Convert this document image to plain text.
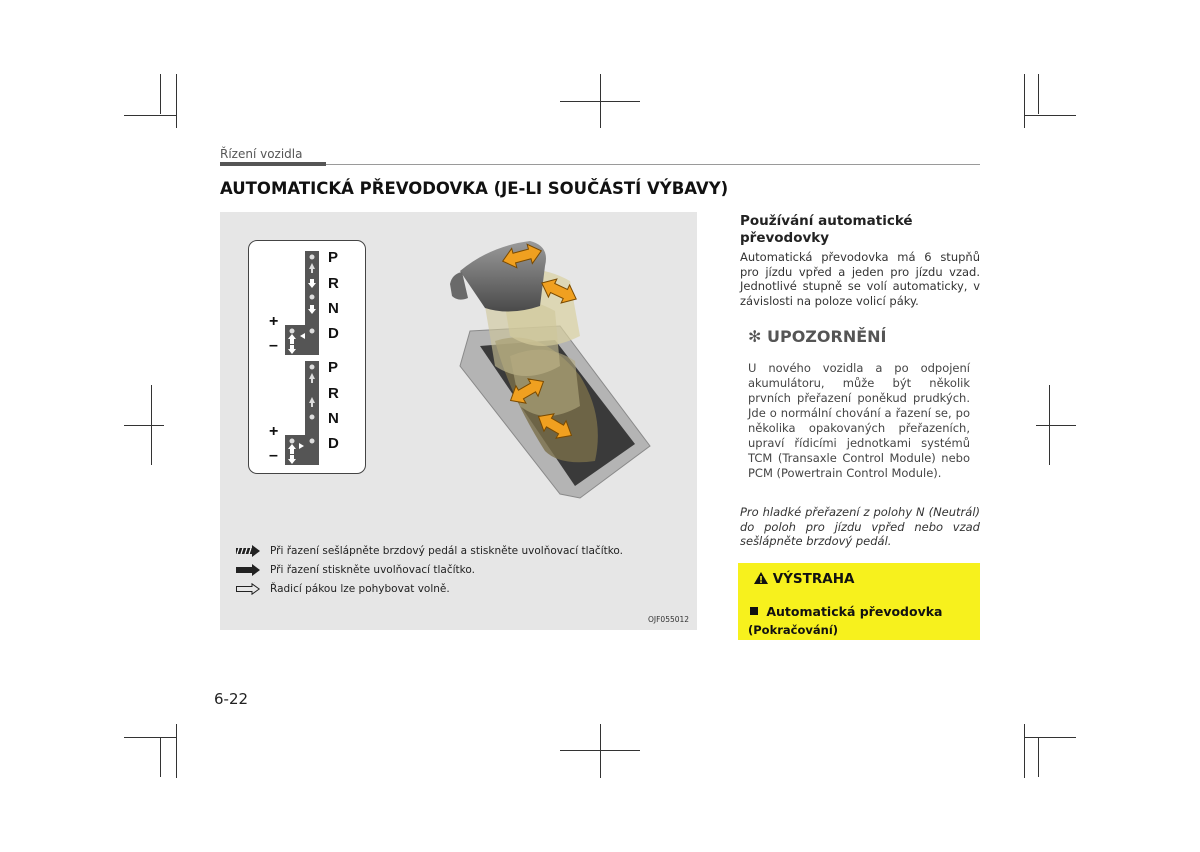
Řízení vozidla
AUTOMATICKÁ PŘEVODOVKA (JE-LI SOUČÁSTÍ VÝBAVY)
P
R
N
D
+
–
P
R
N
D
+
–
Při řazení sešlápněte brzdový pedál a stiskněte uvolňovací tlačítko.
Při řazení stiskněte uvolňovací tlačítko.
Řadicí pákou lze pohybovat volně.
OJF055012
Používání automatické převodovky
Automatická převodovka má 6 stupňů pro jízdu vpřed a jeden pro jízdu vzad. Jednotlivé stupně se volí automaticky, v závislosti na poloze volicí páky.
✻ UPOZORNĚNÍ
U nového vozidla a po odpojení akumulátoru, může být několik prvních přeřazení poněkud prudkých. Jde o normální chování a řazení se, po několika opakovaných přeřazeních, upraví řídicími jednotkami systémů TCM (Transaxle Control Module) nebo PCM (Powertrain Control Module).
Pro hladké přeřazení z polohy N (Neutrál) do poloh pro jízdu vpřed nebo vzad sešlápněte brzdový pedál.
VÝSTRAHA
Automatická převodovka
(Pokračování)
6-22
